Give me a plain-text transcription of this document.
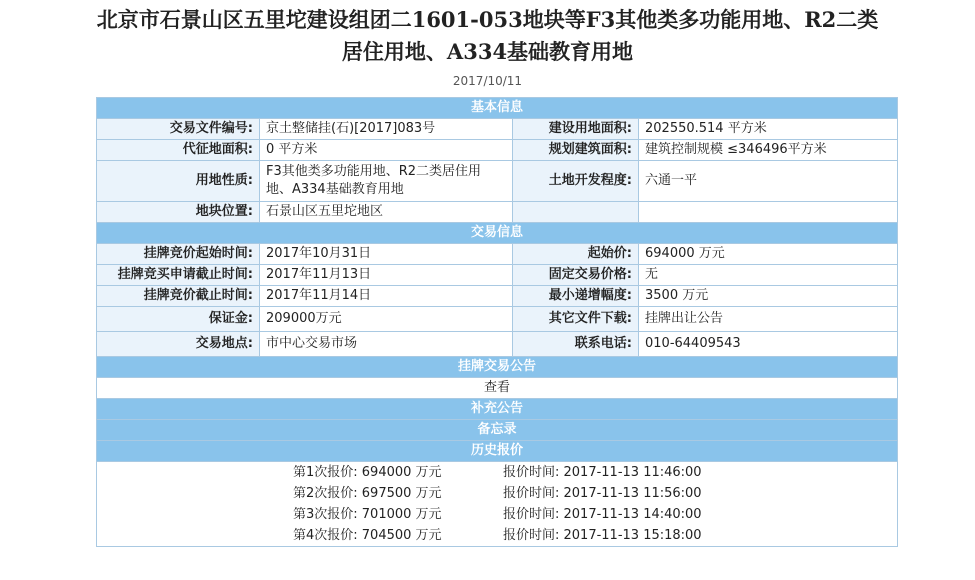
北京市石景山区五里坨建设组团二1601-053地块等F3其他类多功能用地、R2二类
居住用地、A334基础教育用地
2017/10/11
基本信息			
交易文件编号:	京土整储挂(石)[2017]083号	建设用地面积:	202550.514 平方米
代征地面积:	0 平方米	规划建筑面积:	建筑控制规模 ≤346496平方米
用地性质:	F3其他类多功能用地、R2二类居住用地、A334基础教育用地	土地开发程度:	六通一平
地块位置:	石景山区五里坨地区		
交易信息			
挂牌竞价起始时间:	2017年10月31日	起始价:	694000 万元
挂牌竞买申请截止时间:	2017年11月13日	固定交易价格:	无
挂牌竞价截止时间:	2017年11月14日	最小递增幅度:	3500 万元
保证金:	209000万元	其它文件下载:	挂牌出让公告
交易地点:	市中心交易市场	联系电话:	010-64409543
挂牌交易公告			
查看			
补充公告			
备忘录			
历史报价			

第1次报价: 694000 万元 报价时间: 2017-11-13 11:46:00
第2次报价: 697500 万元 报价时间: 2017-11-13 11:56:00
第3次报价: 701000 万元 报价时间: 2017-11-13 14:40:00
第4次报价: 704500 万元 报价时间: 2017-11-13 15:18:00			
